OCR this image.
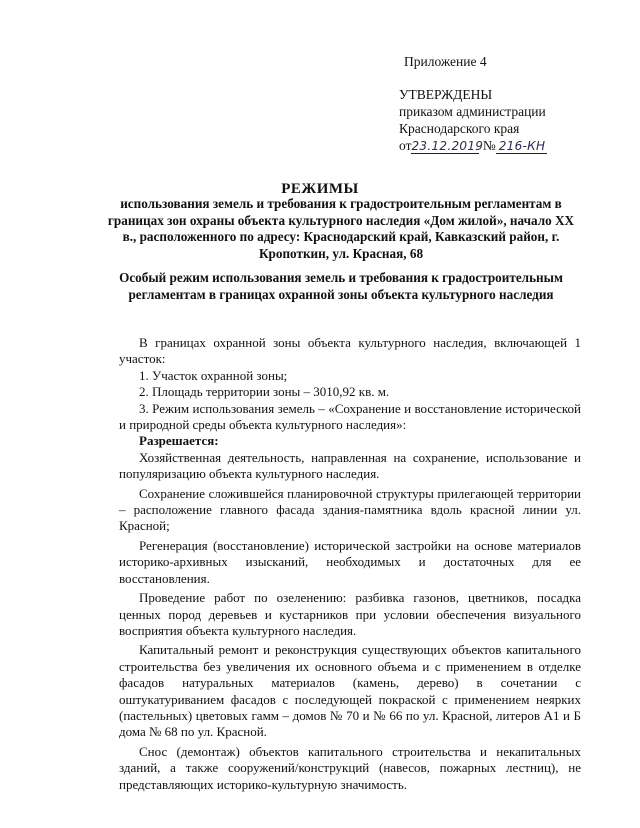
Приложение 4
УТВЕРЖДЕНЫ
приказом администрации
Краснодарского края
от23.12.2019 № 216-КН
РЕЖИМЫ
использования земель и требования к градостроительным регламентам в границах зон охраны объекта культурного наследия «Дом жилой», начало XX в., расположенного по адресу: Краснодарский край, Кавказский район, г. Кропоткин, ул. Красная, 68
Особый режим использования земель и требования к градостроительным регламентам в границах охранной зоны объекта культурного наследия

В границах охранной зоны объекта культурного наследия, включающей 1 участок:

1. Участок охранной зоны;

2. Площадь территории зоны – 3010,92 кв. м.

3. Режим использования земель – «Сохранение и восстановление исторической и природной среды объекта культурного наследия»:

Разрешается:

Хозяйственная деятельность, направленная на сохранение, использование и популяризацию объекта культурного наследия.

Сохранение сложившейся планировочной структуры прилегающей территории – расположение главного фасада здания-памятника вдоль красной линии ул. Красной;

Регенерация (восстановление) исторической застройки на основе материалов историко-архивных изысканий, необходимых и достаточных для ее восстановления.

Проведение работ по озеленению: разбивка газонов, цветников, посадка ценных пород деревьев и кустарников при условии обеспечения визуального восприятия объекта культурного наследия.

Капитальный ремонт и реконструкция существующих объектов капитального строительства без увеличения их основного объема и с применением в отделке фасадов натуральных материалов (камень, дерево) в сочетании с оштукатуриванием фасадов с последующей покраской с применением неярких (пастельных) цветовых гамм – домов № 70 и № 66 по ул. Красной, литеров А1 и Б дома № 68 по ул. Красной.

Снос (демонтаж) объектов капитального строительства и некапитальных зданий, а также сооружений/конструкций (навесов, пожарных лестниц), не представляющих историко-культурную значимость.
